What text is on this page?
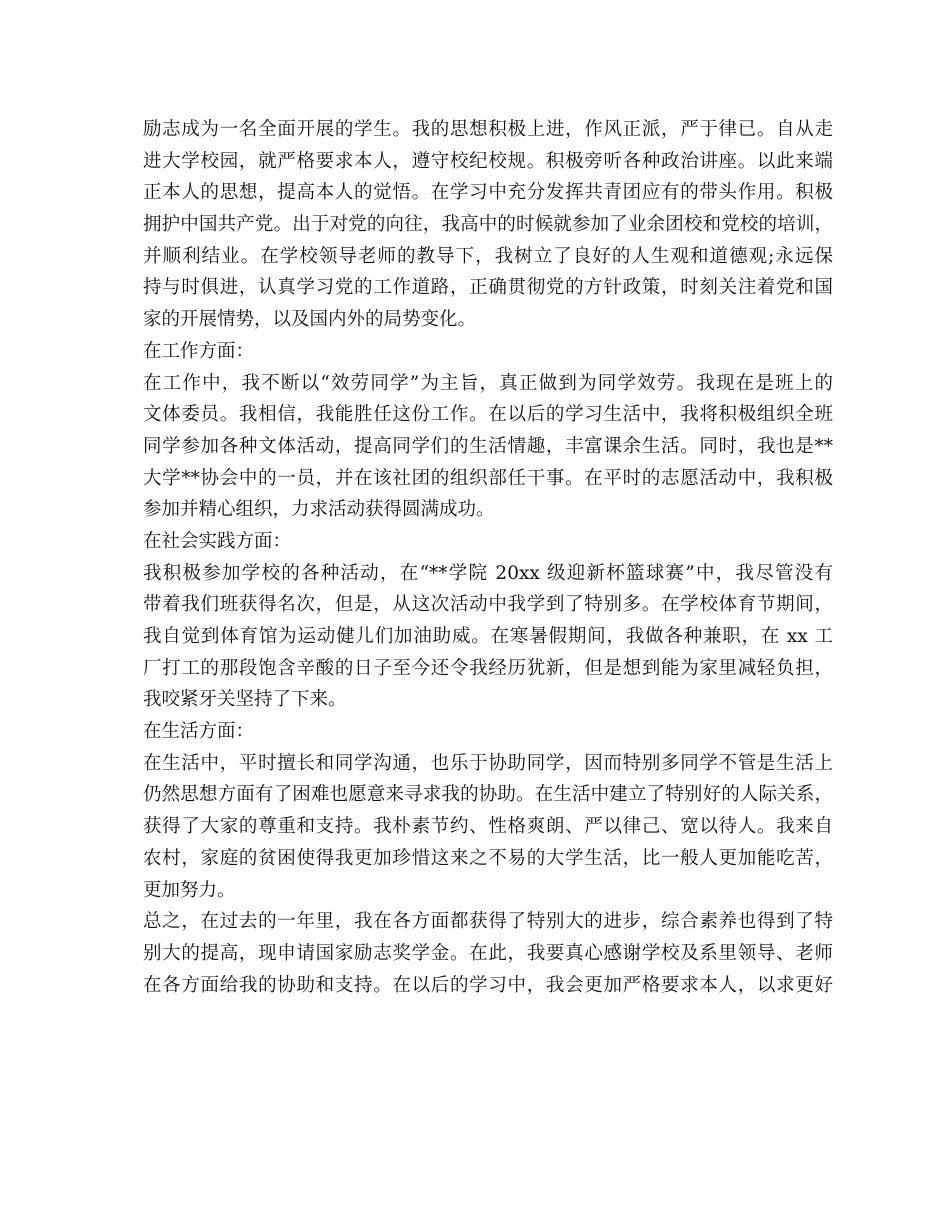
励志成为一名全面开展的学生。我的思想积极上进，作风正派，严于律已。自从走
进大学校园，就严格要求本人，遵守校纪校规。积极旁听各种政治讲座。以此来端
正本人的思想，提高本人的觉悟。在学习中充分发挥共青团应有的带头作用。积极
拥护中国共产党。出于对党的向往，我高中的时候就参加了业余团校和党校的培训，
并顺利结业。在学校领导老师的教导下，我树立了良好的人生观和道德观;永远保
持与时俱进，认真学习党的工作道路，正确贯彻党的方针政策，时刻关注着党和国
家的开展情势，以及国内外的局势变化。
在工作方面：
在工作中，我不断以“效劳同学”为主旨，真正做到为同学效劳。我现在是班上的
文体委员。我相信，我能胜任这份工作。在以后的学习生活中，我将积极组织全班
同学参加各种文体活动，提高同学们的生活情趣，丰富课余生活。同时，我也是**
大学**协会中的一员，并在该社团的组织部任干事。在平时的志愿活动中，我积极
参加并精心组织，力求活动获得圆满成功。
在社会实践方面：
我积极参加学校的各种活动，在“**学院 20xx 级迎新杯篮球赛”中，我尽管没有
带着我们班获得名次，但是，从这次活动中我学到了特别多。在学校体育节期间，
我自觉到体育馆为运动健儿们加油助威。在寒暑假期间，我做各种兼职，在 xx 工
厂打工的那段饱含辛酸的日子至今还令我经历犹新，但是想到能为家里减轻负担，
我咬紧牙关坚持了下来。
在生活方面：
在生活中，平时擅长和同学沟通，也乐于协助同学，因而特别多同学不管是生活上
仍然思想方面有了困难也愿意来寻求我的协助。在生活中建立了特别好的人际关系，
获得了大家的尊重和支持。我朴素节约、性格爽朗、严以律己、宽以待人。我来自
农村，家庭的贫困使得我更加珍惜这来之不易的大学生活，比一般人更加能吃苦，
更加努力。
总之，在过去的一年里，我在各方面都获得了特别大的进步，综合素养也得到了特
别大的提高，现申请国家励志奖学金。在此，我要真心感谢学校及系里领导、老师
在各方面给我的协助和支持。在以后的学习中，我会更加严格要求本人，以求更好
